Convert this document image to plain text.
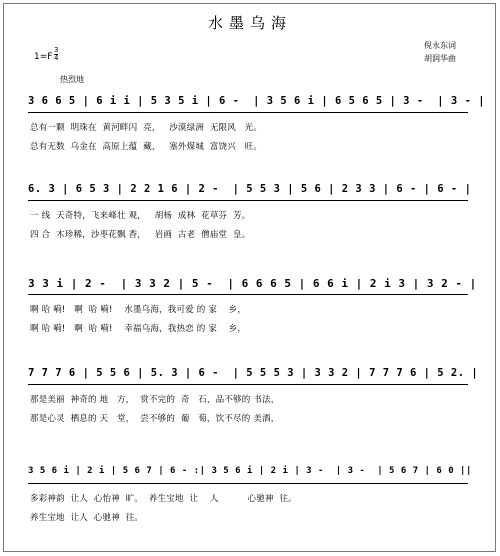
水墨乌海
1=F
3
4
倪永东词
胡润华曲
热烈地
3 6 6 5 | 6 i i | 5 3 5 i | 6 -  | 3 5 6 i | 6 5 6 5 | 3 -  | 3 - |
总有一颗  明珠在  黄河畔闪  亮，   沙漠绿洲  无限风   光。
总有无数  乌金在  高原上蕴  藏，   塞外煤城  富饶兴   旺。
6. 3 | 6 5 3 | 2 2 1 6 | 2 -  | 5 5 3 | 5 6 | 2 3 3 | 6 - | 6 - |
一 线  天奇特，飞来峰壮 观，   胡杨  成林  花草芬  芳。
四 合  木珍稀，沙枣花飘 香，   岩画  古老  僧庙堂  皇。
3 3 i | 2 -  | 3 3 2 | 5 -  | 6 6 6 5 | 6 6 i | 2 i 3 | 3 2 - |
啊 哈 嗬!   啊  哈 嗬!    水墨乌海，我可爱 的 家    乡，
啊 哈 嗬!   啊  哈 嗬!    幸福乌海，我热恋 的 家    乡，
7 7 7 6 | 5 5 6 | 5. 3 | 6 -  | 5 5 5 3 | 3 3 2 | 7 7 7 6 | 5 2. |
那是美丽  神奇的 地   方，  赏不完的  奇   石，品不够的 书法，
那是心灵  栖息的 天   堂，  尝不够的  葡   萄，饮不尽的 美酒，
3 5 6 i | 2 i | 5 6 7 | 6 - :| 3 5 6 i | 2 i | 3 -  | 3 -  | 5 6 7 | 6 0 ||
多彩神韵  让人  心怡神  旷。  养生宝地  让    人          心驰神  往。
养生宝地  让人  心驰神  往。
